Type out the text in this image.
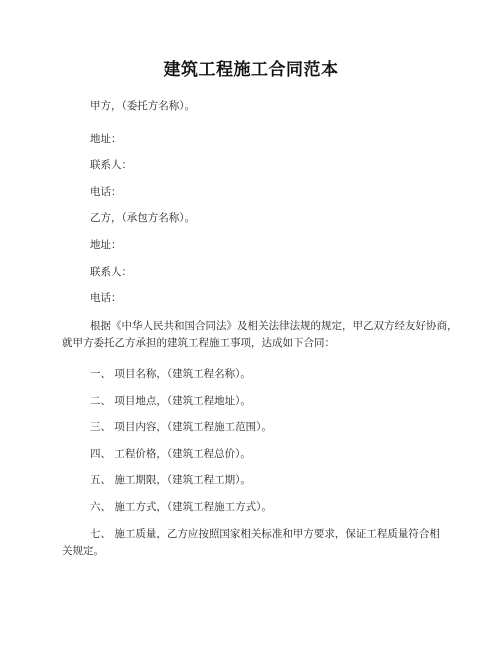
建筑工程施工合同范本
甲方，（委托方名称）。
地址：
联系人：
电话：
乙方，（承包方名称）。
地址：
联系人：
电话：
根据《中华人民共和国合同法》及相关法律法规的规定，甲乙双方经友好协商，
就甲方委托乙方承担的建筑工程施工事项，达成如下合同：
一、 项目名称，（建筑工程名称）。
二、 项目地点，（建筑工程地址）。
三、 项目内容，（建筑工程施工范围）。
四、 工程价格，（建筑工程总价）。
五、 施工期限，（建筑工程工期）。
六、 施工方式，（建筑工程施工方式）。
七、 施工质量，乙方应按照国家相关标准和甲方要求，保证工程质量符合相
关规定。
